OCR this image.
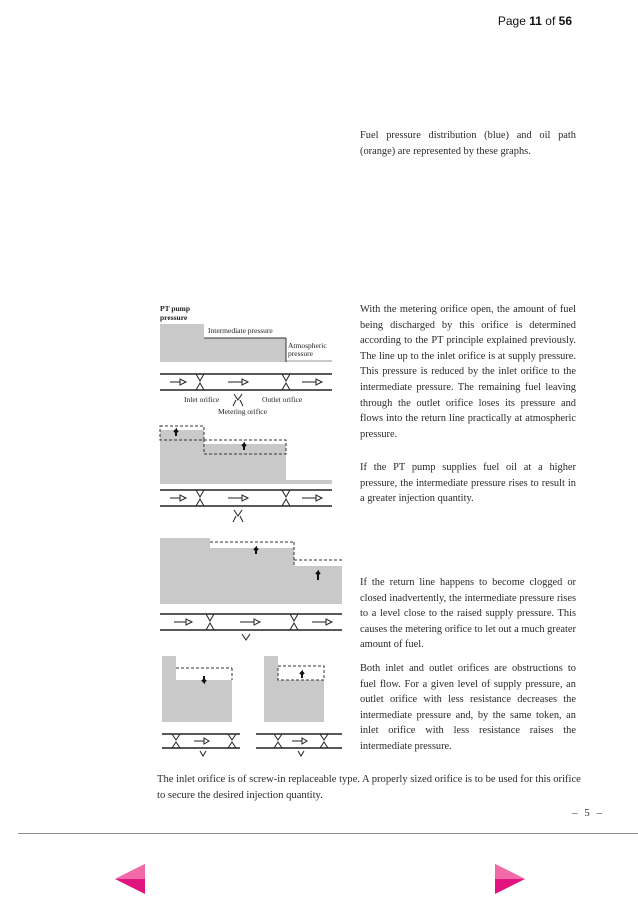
Page 11 of 56
Fuel pressure distribution (blue) and oil path (orange) are represented by these graphs.
With the metering orifice open, the amount of fuel being discharged by this orifice is determined according to the PT principle explained previously. The line up to the inlet orifice is at supply pressure. This pressure is reduced by the inlet orifice to the intermediate pressure. The remaining fuel leaving through the outlet orifice loses its pressure and flows into the return line practically at atmospheric pressure.
If the PT pump supplies fuel oil at a higher pressure, the intermediate pressure rises to result in a greater injection quantity.
If the return line happens to become clogged or closed inadvertently, the intermediate pressure rises to a level close to the raised supply pressure. This causes the metering orifice to let out a much greater amount of fuel.
Both inlet and outlet orifices are obstructions to fuel flow. For a given level of supply pressure, an outlet orifice with less resistance decreases the intermediate pressure and, by the same token, an inlet orifice with less resistance raises the intermediate pressure.
The inlet orifice is of screw-in replaceable type. A properly sized orifice is to be used for this orifice to secure the desired injection quantity.
– 5 –
PT pump
pressure
Intermediate pressure
Atmospheric
pressure
Inlet orifice	Outlet orifice
Metering orifice
